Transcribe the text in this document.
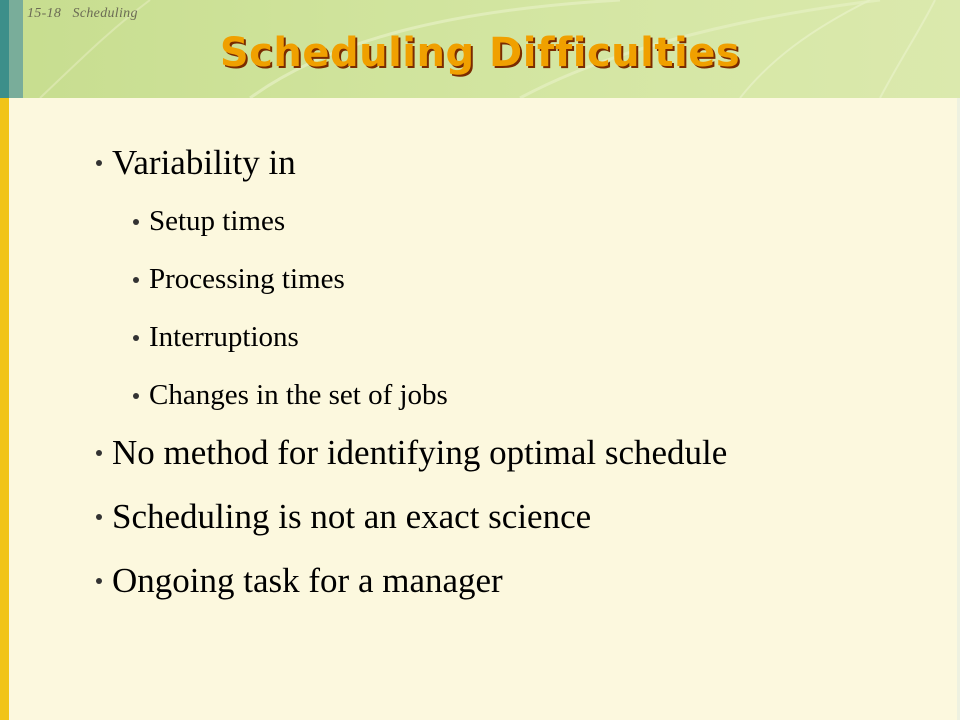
15-18   Scheduling
Scheduling Difficulties
Variability in
Setup times
Processing times
Interruptions
Changes in the set of jobs
No method for identifying optimal schedule
Scheduling is not an exact science
Ongoing task for a manager
